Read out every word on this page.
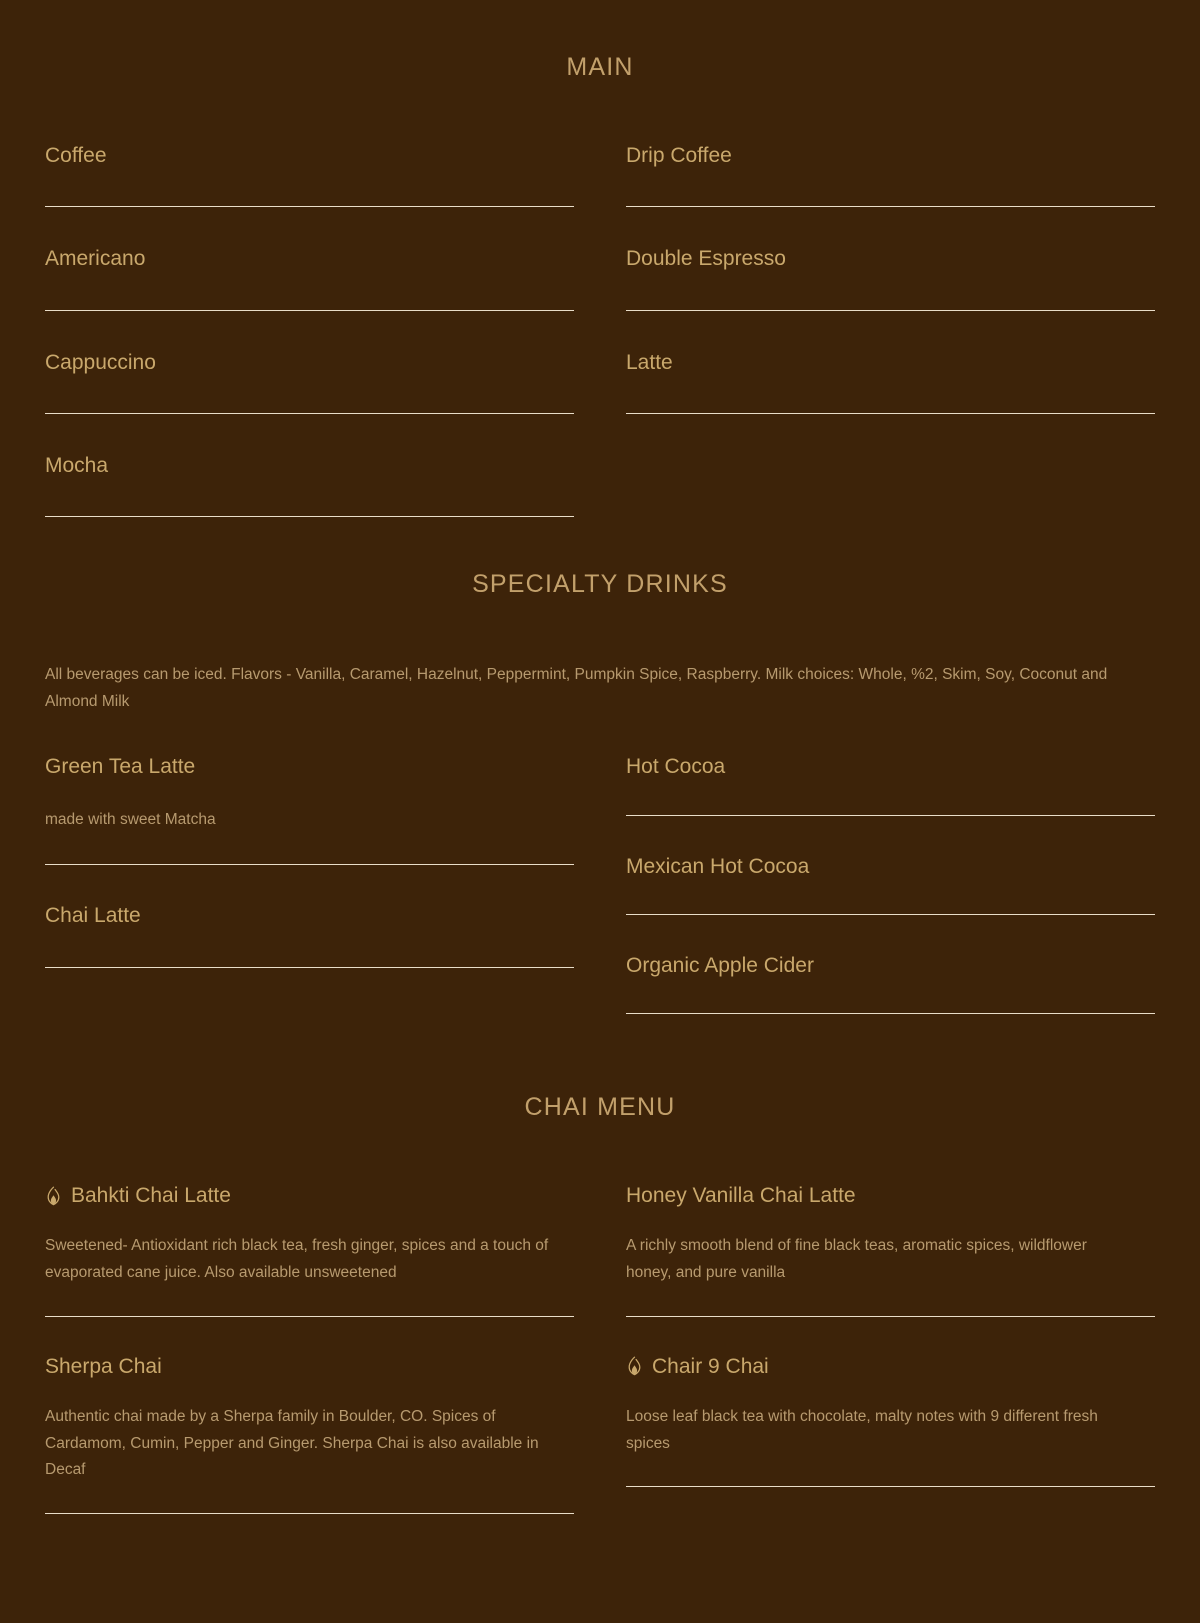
MAIN
Coffee
Americano
Cappuccino
Mocha
Drip Coffee
Double Espresso
Latte
SPECIALTY DRINKS

All beverages can be iced. Flavors - Vanilla, Caramel, Hazelnut, Peppermint, Pumpkin Spice, Raspberry. Milk choices: Whole, %2, Skim, Soy, Coconut and Almond Milk

Green Tea Latte
made with sweet Matcha
Chai Latte
Hot Cocoa
Mexican Hot Cocoa
Organic Apple Cider
CHAI MENU
Bahkti Chai Latte
Sweetened- Antioxidant rich black tea, fresh ginger, spices and a touch of evaporated cane juice. Also available unsweetened
Sherpa Chai
Authentic chai made by a Sherpa family in Boulder, CO. Spices of Cardamom, Cumin, Pepper and Ginger. Sherpa Chai is also available in Decaf
Honey Vanilla Chai Latte
A richly smooth blend of fine black teas, aromatic spices, wildflower honey, and pure vanilla
Chair 9 Chai
Loose leaf black tea with chocolate, malty notes with 9 different fresh spices
